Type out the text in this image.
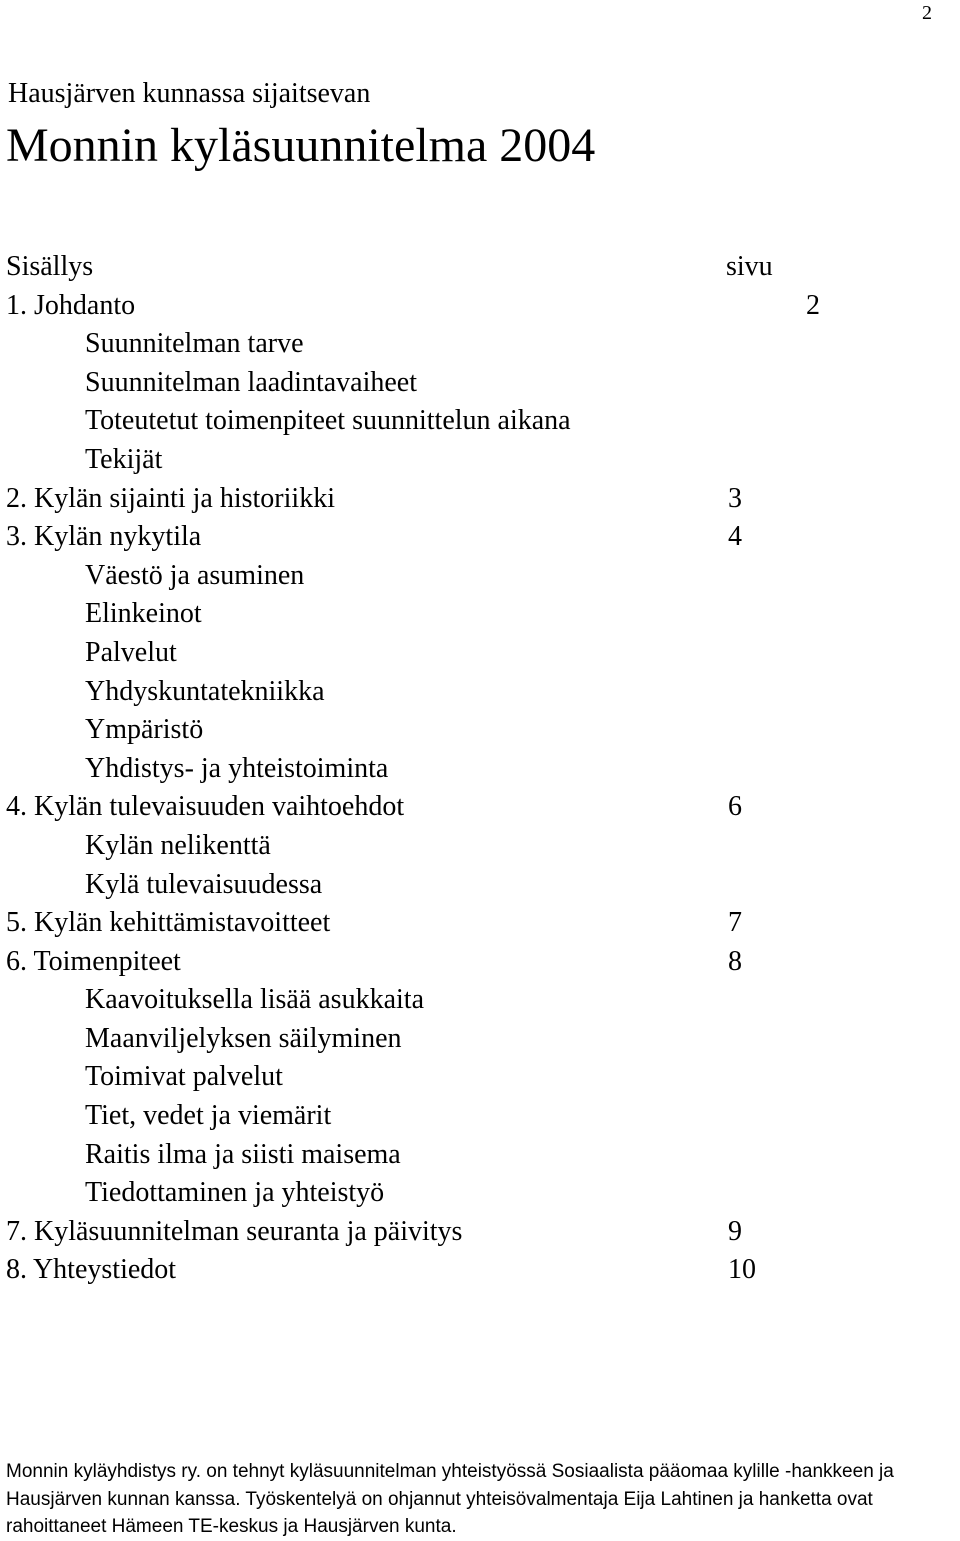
2
Hausjärven kunnassa sijaitsevan
Monnin kyläsuunnitelma 2004
Sisällys	sivu
1. Johdanto	2
Suunnitelman tarve
Suunnitelman laadintavaiheet
Toteutetut toimenpiteet suunnittelun aikana
Tekijät
2. Kylän sijainti ja historiikki	3
3. Kylän nykytila	4
Väestö ja asuminen
Elinkeinot
Palvelut
Yhdyskuntatekniikka
Ympäristö
Yhdistys- ja yhteistoiminta
4. Kylän tulevaisuuden vaihtoehdot	6
Kylän nelikenttä
Kylä tulevaisuudessa
5. Kylän kehittämistavoitteet	7
6. Toimenpiteet	8
Kaavoituksella lisää asukkaita
Maanviljelyksen säilyminen
Toimivat palvelut
Tiet, vedet ja viemärit
Raitis ilma ja siisti maisema
Tiedottaminen ja yhteistyö
7. Kyläsuunnitelman seuranta ja päivitys	9
8. Yhteystiedot	10
Monnin kyläyhdistys ry. on tehnyt kyläsuunnitelman yhteistyössä Sosiaalista pääomaa kylille -hankkeen ja
Hausjärven kunnan kanssa. Työskentelyä on ohjannut yhteisövalmentaja Eija Lahtinen ja hanketta ovat
rahoittaneet Hämeen TE-keskus ja Hausjärven kunta.
